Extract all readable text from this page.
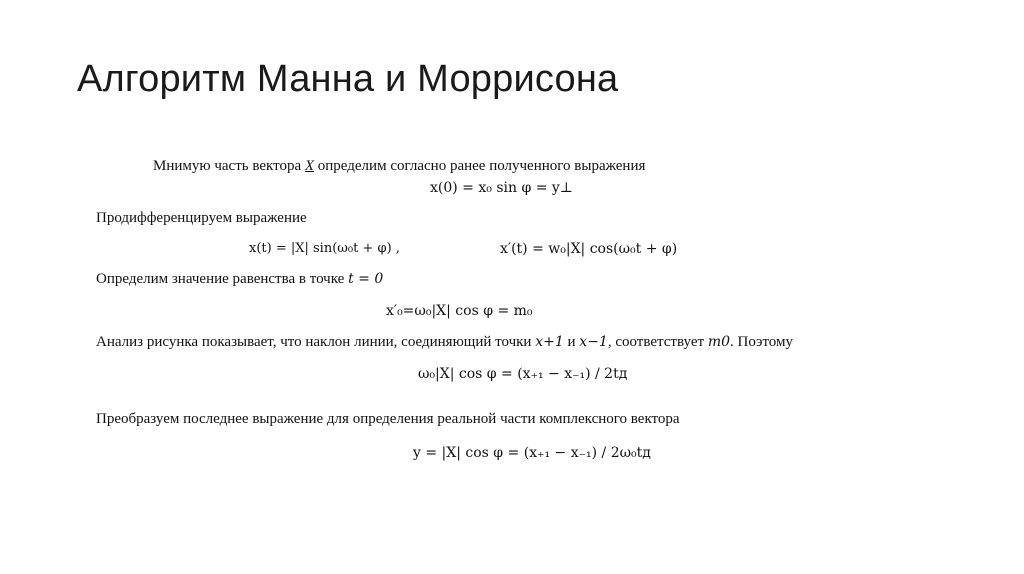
Алгоритм Манна и Моррисона
Мнимую часть вектора X определим согласно ранее полученного выражения
x(0) = x₀ sin φ = y⊥
Продифференцируем выражение
x(t) = |X| sin(ω₀t + φ) ,	x′(t) = w₀|X| cos(ω₀t + φ)
Определим значение равенства в точке t = 0
x′₀=ω₀|X| cos φ = m₀
Анализ рисунка показывает, что наклон линии, соединяющий точки x+1 и x−1, соответствует m0. Поэтому
ω₀|X| cos φ = (x₊₁ − x₋₁) / 2tд
Преобразуем последнее выражение для определения реальной части комплексного вектора
y = |X| cos φ = (x₊₁ − x₋₁) / 2ω₀tд
